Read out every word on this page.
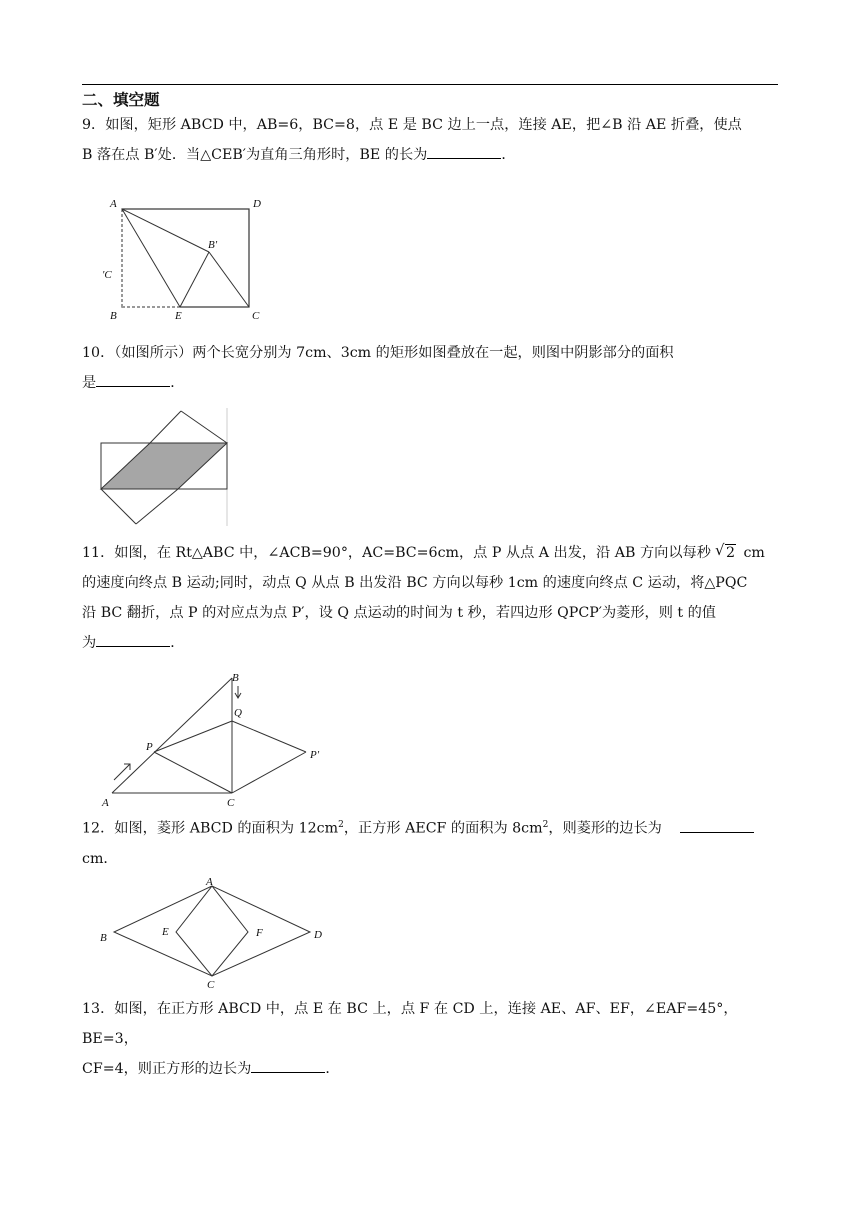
二、填空题

9．如图，矩形 ABCD 中，AB=6，BC=8，点 E 是 BC 边上一点，连接 AE，把∠B 沿 AE 折叠，使点
B 落在点 B′处．当△CEB′为直角三角形时，BE 的长为	．

A	D
B'
'C
B	E	C

10．（如图所示）两个长宽分别为 7cm、3cm 的矩形如图叠放在一起，则图中阴影部分的面积
是	．

11．如图，在 Rt△ABC 中，∠ACB=90°，AC=BC=6cm，点 P 从点 A 出发，沿 AB 方向以每秒 √ 2 cm
的速度向终点 B 运动;同时，动点 Q 从点 B 出发沿 BC 方向以每秒 1cm 的速度向终点 C 运动，将△PQC
沿 BC 翻折，点 P 的对应点为点 P′，设 Q 点运动的时间为 t 秒，若四边形 QPCP′为菱形，则 t 的值
为	．

B
Q
P
P'
A	C

12．如图，菱形 ABCD 的面积为 $12cm^2$，正方形 AECF 的面积为 $8cm^2$，则菱形的边长为    cm．

A
B	E	F	D
C

13．如图，在正方形 ABCD 中，点 E 在 BC 上，点 F 在 CD 上，连接 AE、AF、EF，∠EAF=45°，BE=3，
CF=4，则正方形的边长为	．
